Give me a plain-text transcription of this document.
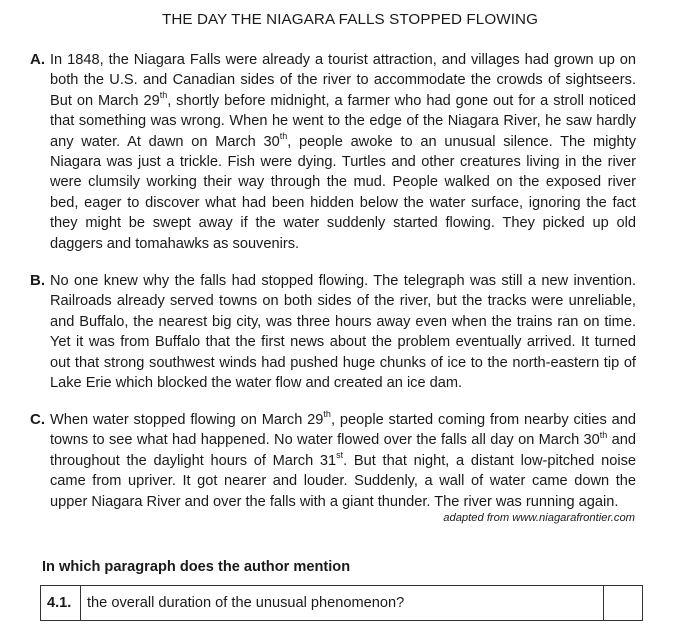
THE DAY THE NIAGARA FALLS STOPPED FLOWING
A. In 1848, the Niagara Falls were already a tourist attraction, and villages had grown up on both the U.S. and Canadian sides of the river to accommodate the crowds of sightseers. But on March 29th, shortly before midnight, a farmer who had gone out for a stroll noticed that something was wrong. When he went to the edge of the Niagara River, he saw hardly any water. At dawn on March 30th, people awoke to an unusual silence. The mighty Niagara was just a trickle. Fish were dying. Turtles and other creatures living in the river were clumsily working their way through the mud. People walked on the exposed river bed, eager to discover what had been hidden below the water surface, ignoring the fact they might be swept away if the water suddenly started flowing. They picked up old daggers and tomahawks as souvenirs.
B. No one knew why the falls had stopped flowing. The telegraph was still a new invention. Railroads already served towns on both sides of the river, but the tracks were unreliable, and Buffalo, the nearest big city, was three hours away even when the trains ran on time. Yet it was from Buffalo that the first news about the problem eventually arrived. It turned out that strong southwest winds had pushed huge chunks of ice to the north-eastern tip of Lake Erie which blocked the water flow and created an ice dam.
C. When water stopped flowing on March 29th, people started coming from nearby cities and towns to see what had happened. No water flowed over the falls all day on March 30th and throughout the daylight hours of March 31st. But that night, a distant low-pitched noise came from upriver. It got nearer and louder. Suddenly, a wall of water came down the upper Niagara River and over the falls with a giant thunder. The river was running again.
adapted from www.niagarafrontier.com
In which paragraph does the author mention
4.1.	the overall duration of the unusual phenomenon?	
